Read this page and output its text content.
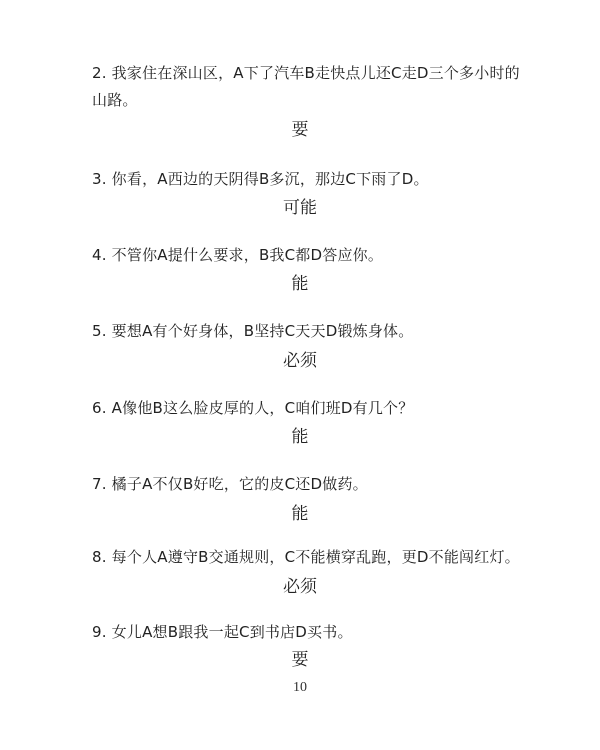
2. 我家住在深山区，A下了汽车B走快点儿还C走D三个多小时的山路。
要
3. 你看，A西边的天阴得B多沉，那边C下雨了D。
可能
4. 不管你A提什么要求，B我C都D答应你。
能
5. 要想A有个好身体，B坚持C天天D锻炼身体。
必须
6. A像他B这么脸皮厚的人，C咱们班D有几个？
能
7. 橘子A不仅B好吃，它的皮C还D做药。
能
8. 每个人A遵守B交通规则，C不能横穿乱跑，更D不能闯红灯。
必须
9. 女儿A想B跟我一起C到书店D买书。
要
10
